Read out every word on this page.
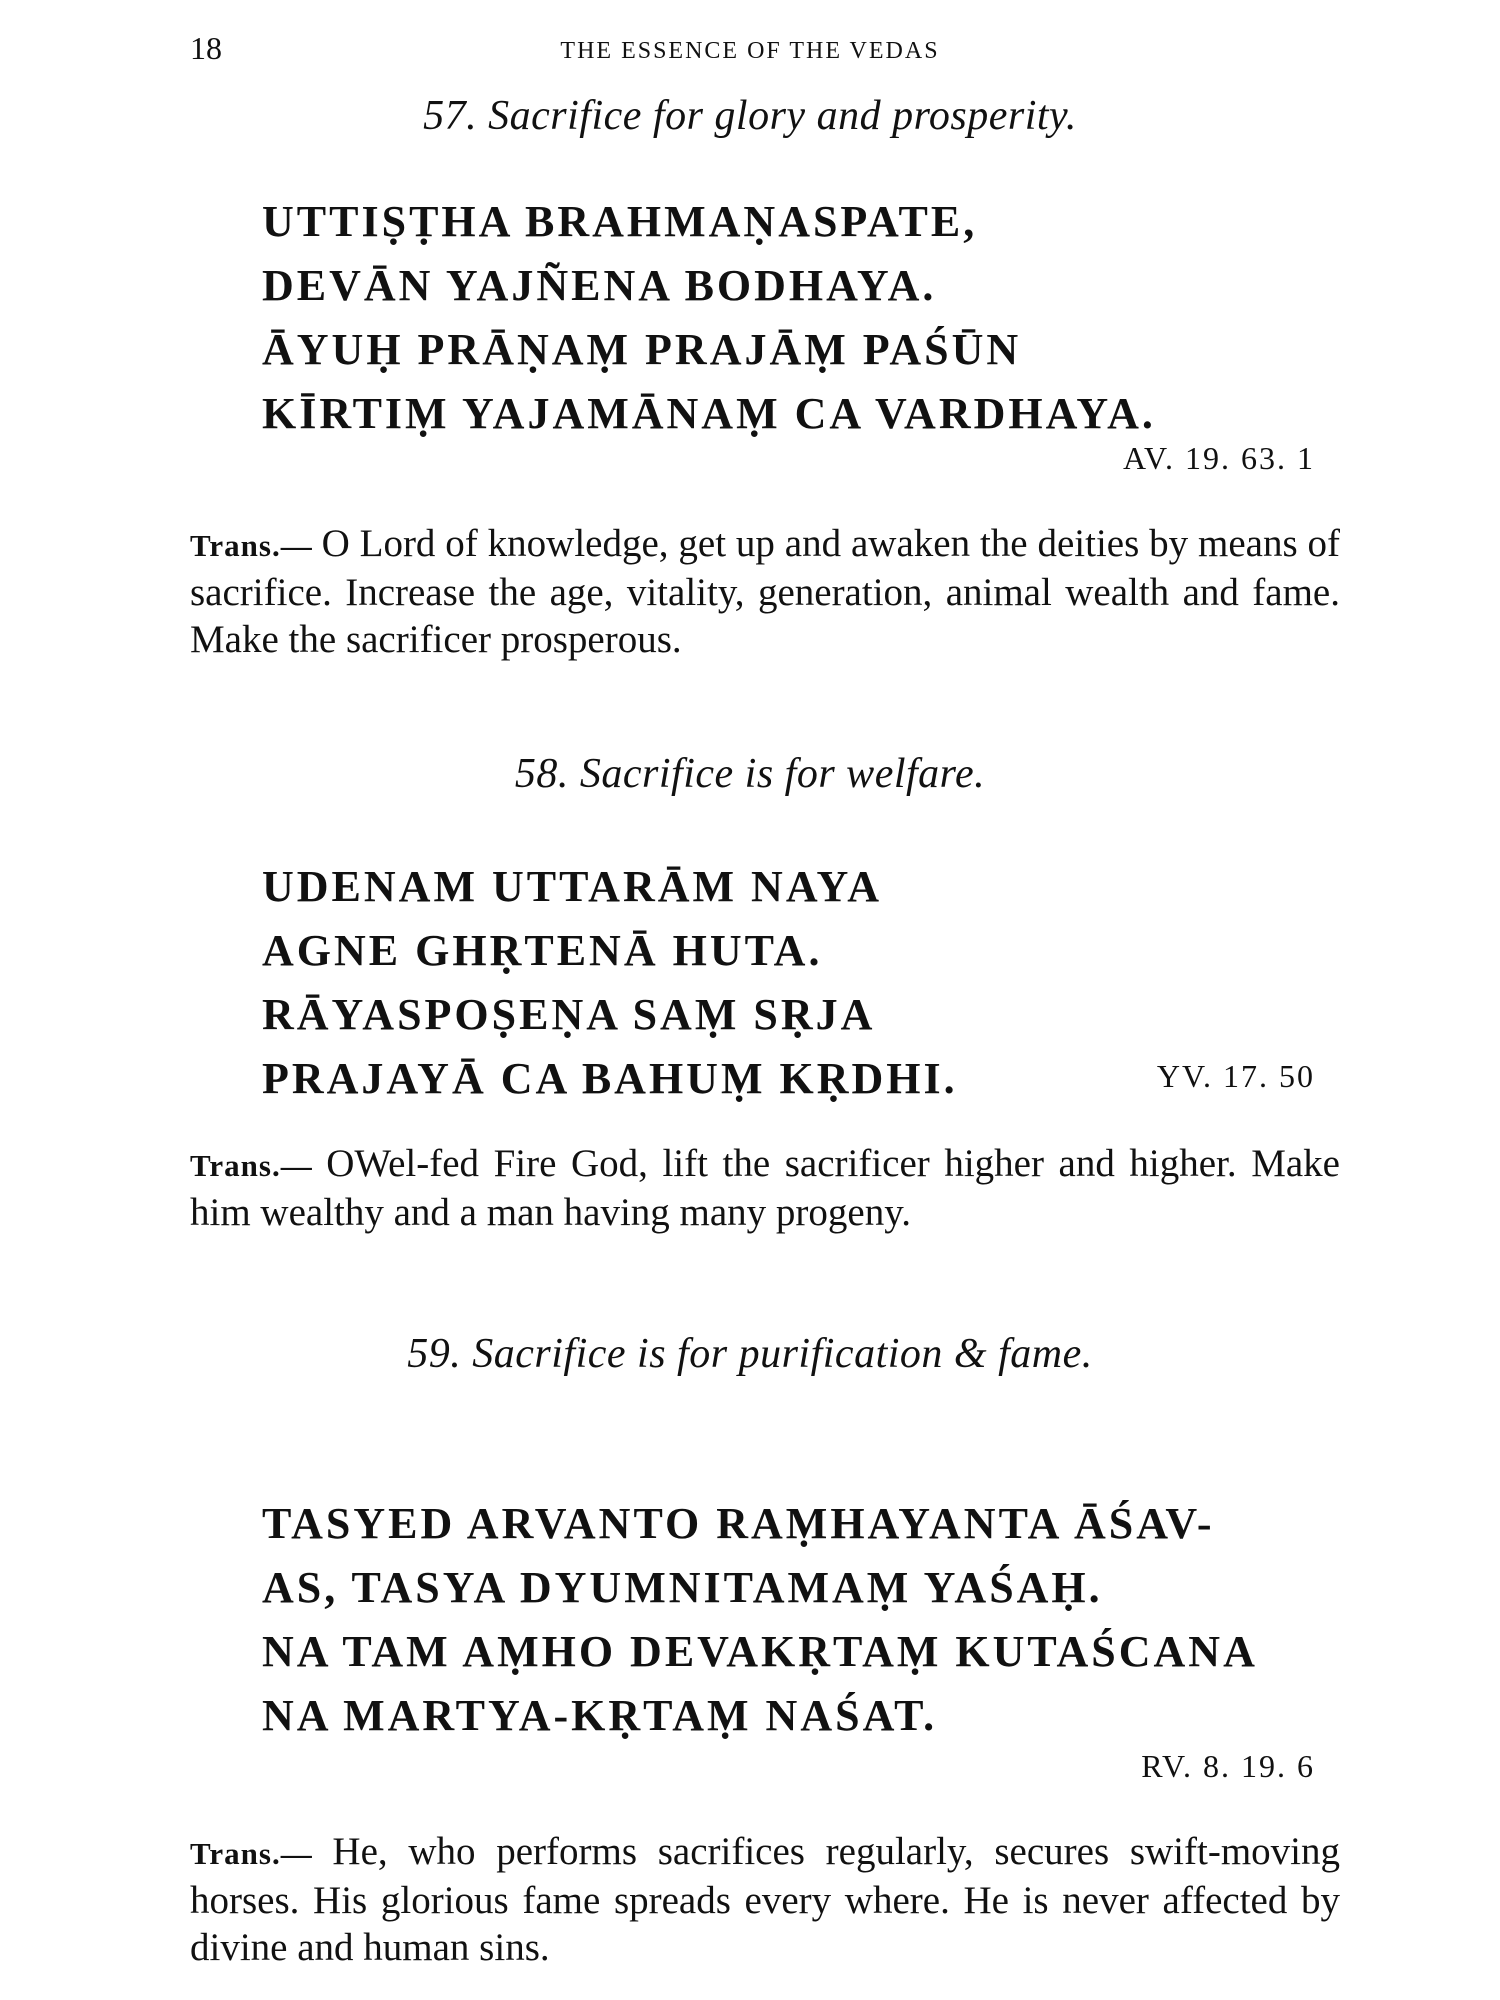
18	THE ESSENCE OF THE VEDAS
57. Sacrifice for glory and prosperity.
UTTIṢṬHA BRAHMAṆASPATE,
DEVĀN YAJÑENA BODHAYA.
ĀYUḤ PRĀṆAṂ PRAJĀṂ PAŚŪN
KĪRTIṂ YAJAMĀNAṂ CA VARDHAYA.
AV. 19. 63. 1
Trans.— O Lord of knowledge, get up and awaken the deities by means of sacrifice. Increase the age, vitality, generation, animal wealth and fame. Make the sacrificer prosperous.
58. Sacrifice is for welfare.
UDENAM UTTARĀM NAYA
AGNE GHṚTENĀ HUTA.
RĀYASPOṢEṆA SAṂ SṚJA
PRAJAYĀ CA BAHUṂ KṚDHI.	YV. 17. 50
Trans.— OWel-fed Fire God, lift the sacrificer higher and higher. Make him wealthy and a man having many progeny.
59. Sacrifice is for purification & fame.
TASYED ARVANTO RAṂHAYANTA ĀŚAV-
AS, TASYA DYUMNITAMAṂ YAŚAḤ.
NA TAM AṂHO DEVAKṚTAṂ KUTAŚCANA
NA MARTYA-KṚTAṂ NAŚAT.
RV. 8. 19. 6
Trans.— He, who performs sacrifices regularly, secures swift-moving horses. His glorious fame spreads every where. He is never affected by divine and human sins.
